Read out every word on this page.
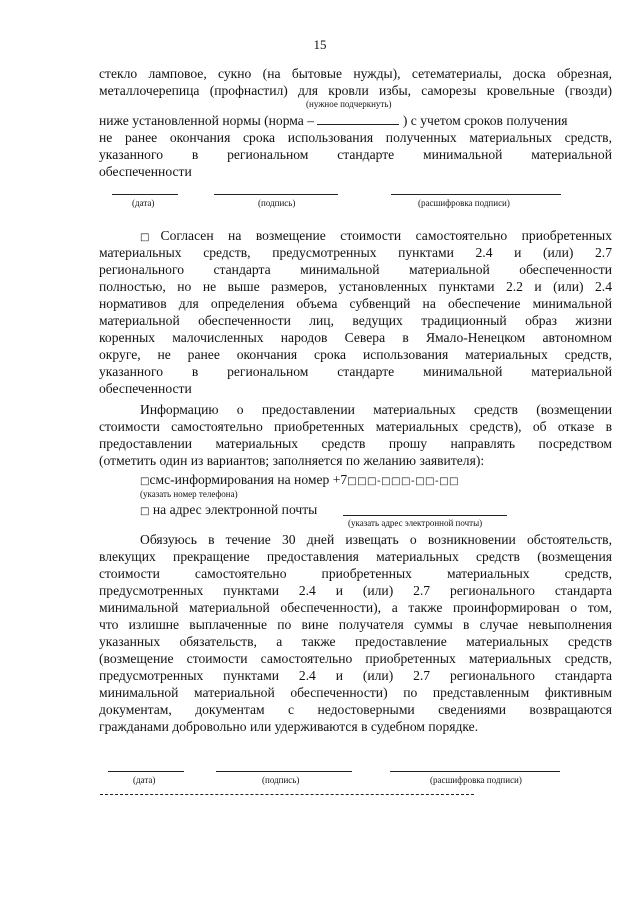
15
стекло ламповое, сукно (на бытовые нужды), сетематериалы, доска обрезная,
металлочерепица (профнастил) для кровли избы, саморезы кровельные (гвозди)
(нужное подчеркнуть)
ниже установленной нормы (норма –	) с учетом сроков получения
не ранее окончания срока использования полученных материальных средств,
указанного в региональном стандарте минимальной материальной
обеспеченности
(дата)	(подпись)	(расшифровка подписи)
□Согласен на возмещение стоимости самостоятельно приобретенных
материальных средств, предусмотренных пунктами 2.4 и (или) 2.7
регионального стандарта минимальной материальной обеспеченности
полностью, но не выше размеров, установленных пунктами 2.2 и (или) 2.4
нормативов для определения объема субвенций на обеспечение минимальной
материальной обеспеченности лиц, ведущих традиционный образ жизни
коренных малочисленных народов Севера в Ямало-Ненецком автономном
округе, не ранее окончания срока использования материальных средств,
указанного в региональном стандарте минимальной материальной
обеспеченности
Информацию о предоставлении материальных средств (возмещении
стоимости самостоятельно приобретенных материальных средств), об отказе в
предоставлении материальных средств прошу направлять посредством
(отметить один из вариантов; заполняется по желанию заявителя):
□смс-информирования на номер +7□□□-□□□-□□-□□
(указать номер телефона)
□ на адрес электронной почты
(указать адрес электронной почты)
Обязуюсь в течение 30 дней извещать о возникновении обстоятельств,
влекущих прекращение предоставления материальных средств (возмещения
стоимости самостоятельно приобретенных материальных средств,
предусмотренных пунктами 2.4 и (или) 2.7 регионального стандарта
минимальной материальной обеспеченности), а также проинформирован о том,
что излишне выплаченные по вине получателя суммы в случае невыполнения
указанных обязательств, а также предоставление материальных средств
(возмещение стоимости самостоятельно приобретенных материальных средств,
предусмотренных пунктами 2.4 и (или) 2.7 регионального стандарта
минимальной материальной обеспеченности) по представленным фиктивным
документам, документам с недостоверными сведениями возвращаются
гражданами добровольно или удерживаются в судебном порядке.
(дата)	(подпись)	(расшифровка подписи)
